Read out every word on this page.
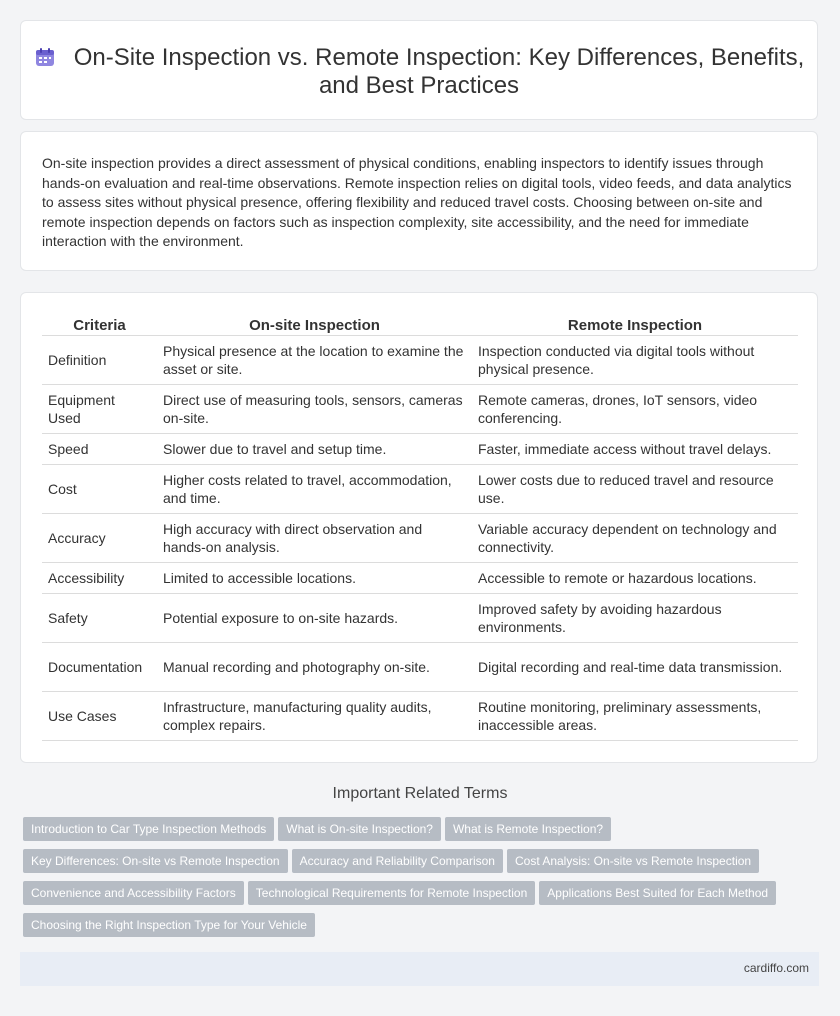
On-Site Inspection vs. Remote Inspection: Key Differences, Benefits, and Best Practices
On-site inspection provides a direct assessment of physical conditions, enabling inspectors to identify issues through hands-on evaluation and real-time observations. Remote inspection relies on digital tools, video feeds, and data analytics to assess sites without physical presence, offering flexibility and reduced travel costs. Choosing between on-site and remote inspection depends on factors such as inspection complexity, site accessibility, and the need for immediate interaction with the environment.
Criteria	On-site Inspection	Remote Inspection
Definition	Physical presence at the location to examine the asset or site.	Inspection conducted via digital tools without physical presence.
Equipment Used	Direct use of measuring tools, sensors, cameras on-site.	Remote cameras, drones, IoT sensors, video conferencing.
Speed	Slower due to travel and setup time.	Faster, immediate access without travel delays.
Cost	Higher costs related to travel, accommodation, and time.	Lower costs due to reduced travel and resource use.
Accuracy	High accuracy with direct observation and hands-on analysis.	Variable accuracy dependent on technology and connectivity.
Accessibility	Limited to accessible locations.	Accessible to remote or hazardous locations.
Safety	Potential exposure to on-site hazards.	Improved safety by avoiding hazardous environments.
Documentation	Manual recording and photography on-site.	Digital recording and real-time data transmission.
Use Cases	Infrastructure, manufacturing quality audits, complex repairs.	Routine monitoring, preliminary assessments, inaccessible areas.
Important Related Terms
Introduction to Car Type Inspection Methods What is On-site Inspection? What is Remote Inspection?
Key Differences: On-site vs Remote Inspection Accuracy and Reliability Comparison Cost Analysis: On-site vs Remote Inspection
Convenience and Accessibility Factors Technological Requirements for Remote Inspection Applications Best Suited for Each Method
Choosing the Right Inspection Type for Your Vehicle
cardiffo.com
